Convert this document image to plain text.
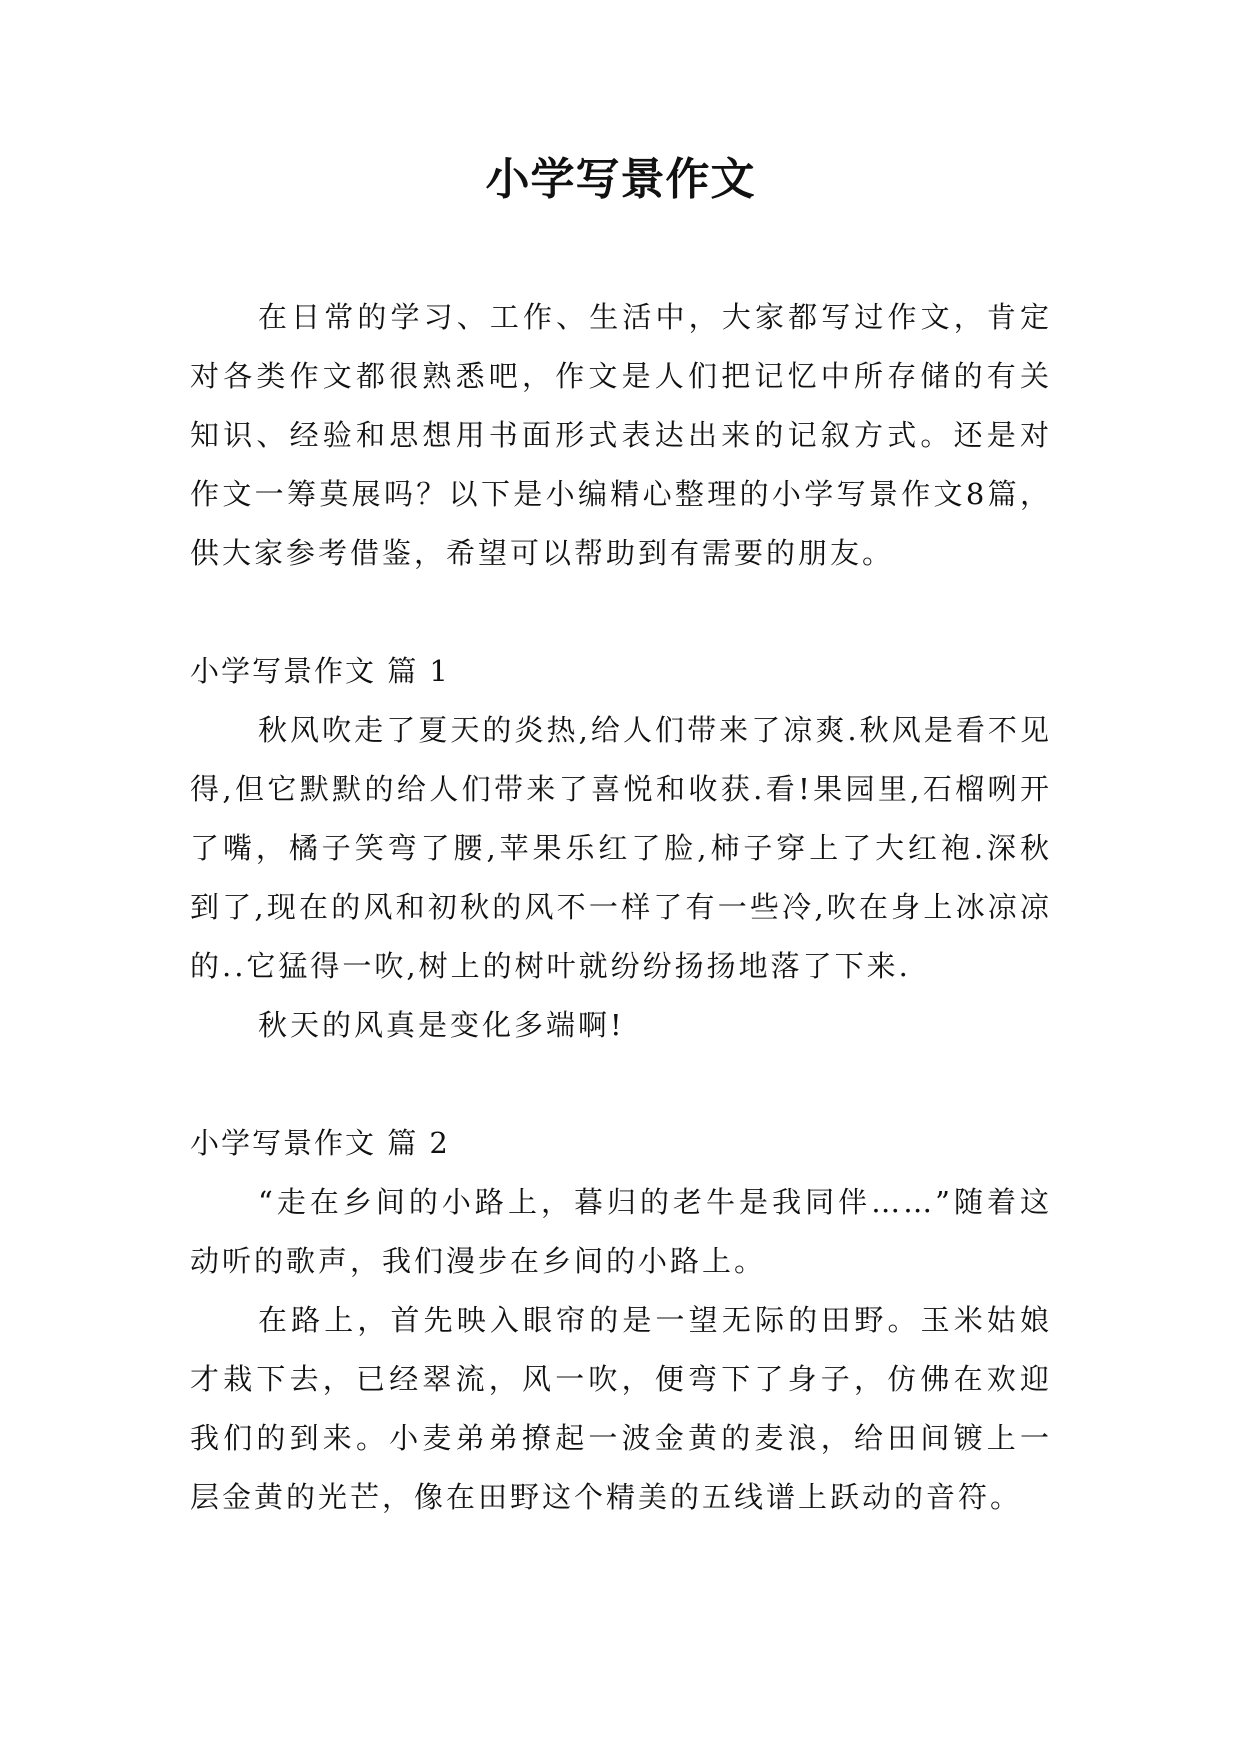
小学写景作文

在日常的学习、工作、生活中，大家都写过作文，肯定对各类作文都很熟悉吧，作文是人们把记忆中所存储的有关知识、经验和思想用书面形式表达出来的记叙方式。还是对作文一筹莫展吗？以下是小编精心整理的小学写景作文8篇，供大家参考借鉴，希望可以帮助到有需要的朋友。

小学写景作文 篇 1

秋风吹走了夏天的炎热,给人们带来了凉爽.秋风是看不见得,但它默默的给人们带来了喜悦和收获.看!果园里,石榴咧开了嘴，橘子笑弯了腰,苹果乐红了脸,柿子穿上了大红袍.深秋到了,现在的风和初秋的风不一样了有一些冷,吹在身上冰凉凉的..它猛得一吹,树上的树叶就纷纷扬扬地落了下来.

秋天的风真是变化多端啊!

小学写景作文 篇 2

“走在乡间的小路上，暮归的老牛是我同伴……”随着这动听的歌声，我们漫步在乡间的小路上。

在路上，首先映入眼帘的是一望无际的田野。玉米姑娘才栽下去，已经翠流，风一吹，便弯下了身子，仿佛在欢迎我们的到来。小麦弟弟撩起一波金黄的麦浪，给田间镀上一层金黄的光芒，像在田野这个精美的五线谱上跃动的音符。
